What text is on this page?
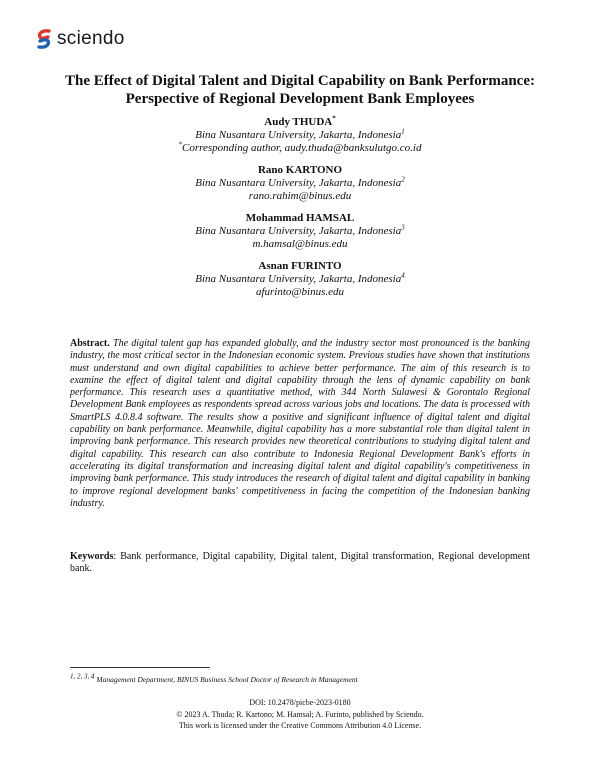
sciendo
The Effect of Digital Talent and Digital Capability on Bank Performance: Perspective of Regional Development Bank Employees
Audy THUDA*
Bina Nusantara University, Jakarta, Indonesia$^1$
*Corresponding author, audy.thuda@banksulutgo.co.id
Rano KARTONO
Bina Nusantara University, Jakarta, Indonesia$^2$
rano.rahim@binus.edu
Mohammad HAMSAL
Bina Nusantara University, Jakarta, Indonesia$^3$
m.hamsal@binus.edu
Asnan FURINTO
Bina Nusantara University, Jakarta, Indonesia$^4$
afurinto@binus.edu
Abstract. The digital talent gap has expanded globally, and the industry sector most pronounced is the banking industry, the most critical sector in the Indonesian economic system. Previous studies have shown that institutions must understand and own digital capabilities to achieve better performance. The aim of this research is to examine the effect of digital talent and digital capability through the lens of dynamic capability on bank performance. This research uses a quantitative method, with 344 North Sulawesi & Gorontalo Regional Development Bank employees as respondents spread across various jobs and locations. The data is processed with SmartPLS 4.0.8.4 software. The results show a positive and significant influence of digital talent and digital capability on bank performance. Meanwhile, digital capability has a more substantial role than digital talent in improving bank performance. This research provides new theoretical contributions to studying digital talent and digital capability. This research can also contribute to Indonesia Regional Development Bank's efforts in accelerating its digital transformation and increasing digital talent and digital capability's competitiveness in improving bank performance. This study introduces the research of digital talent and digital capability in banking to improve regional development banks' competitiveness in facing the competition of the Indonesian banking industry.
Keywords: Bank performance, Digital capability, Digital talent, Digital transformation, Regional development bank.
$^{1, 2, 3, 4}$ Management Department, BINUS Business School Doctor of Research in Management
DOI: 10.2478/picbe-2023-0180
© 2023 A. Thuda; R. Kartono; M. Hamsal; A. Furinto, published by Sciendo.
This work is licensed under the Creative Commons Attribution 4.0 License.
